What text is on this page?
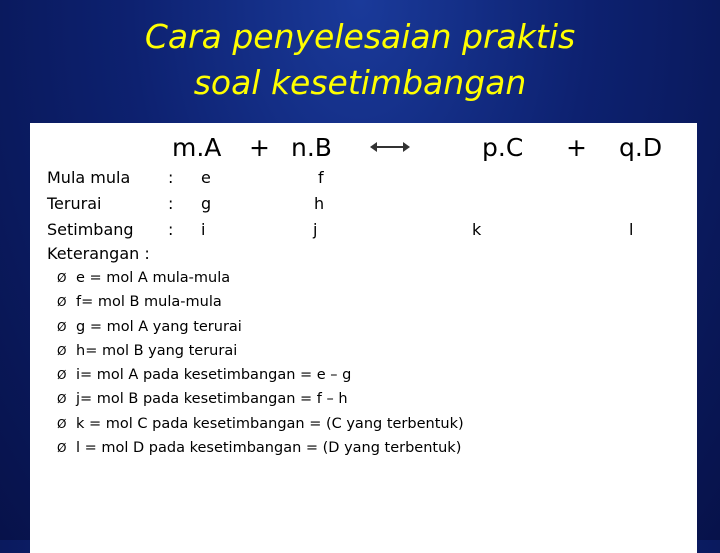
Cara penyelesaian praktis
soal kesetimbangan
m.A + n.B	p.C + q.D
Mula mula : e	f
Terurai	: g	h
Setimbang : i	j	k	l
Keterangan :
Ø e = mol A mula-mula
Ø f= mol B mula-mula
Ø g = mol A yang terurai
Ø h= mol B yang terurai
Ø i= mol A pada kesetimbangan = e – g
Ø j= mol B pada kesetimbangan = f – h
Ø k = mol C pada kesetimbangan = (C yang terbentuk)
Ø l = mol D pada kesetimbangan = (D yang terbentuk)
